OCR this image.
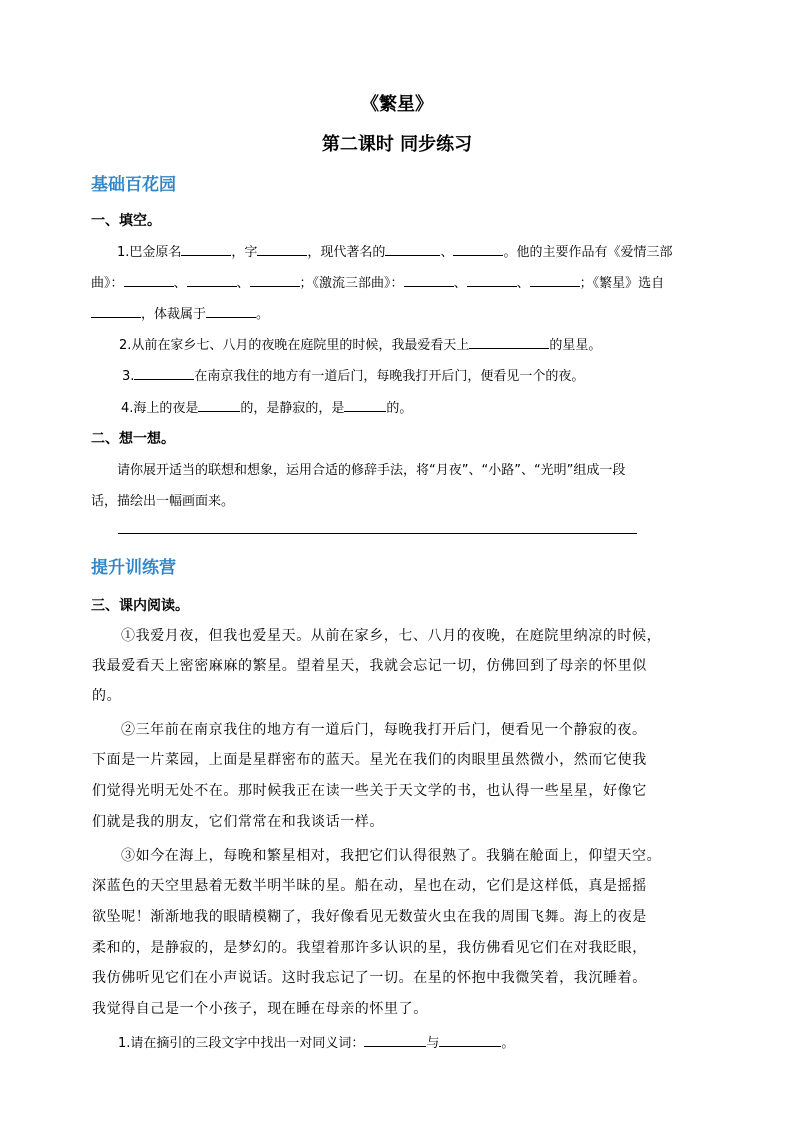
《繁星》
第二课时 同步练习
基础百花园
一、填空。
1.巴金原名	，字	，现代著名的	、	。他的主要作品有《爱情三部
曲》：	、	、	；《激流三部曲》：	、	、	；《繁星》选自
，体裁属于	。
2.从前在家乡七、八月的夜晚在庭院里的时候，我最爱看天上	的星星。
3.	在南京我住的地方有一道后门，每晚我打开后门，便看见一个的夜。
4.海上的夜是	的，是静寂的，是	的。
二、想一想。
请你展开适当的联想和想象，运用合适的修辞手法，将“月夜”、“小路”、“光明”组成一段
话，描绘出一幅画面来。
提升训练营
三、课内阅读。
①我爱月夜，但我也爱星天。从前在家乡，七、八月的夜晚，在庭院里纳凉的时候，
我最爱看天上密密麻麻的繁星。望着星天，我就会忘记一切，仿佛回到了母亲的怀里似
的。
②三年前在南京我住的地方有一道后门，每晚我打开后门，便看见一个静寂的夜。
下面是一片菜园，上面是星群密布的蓝天。星光在我们的肉眼里虽然微小，然而它使我
们觉得光明无处不在。那时候我正在读一些关于天文学的书，也认得一些星星，好像它
们就是我的朋友，它们常常在和我谈话一样。
③如今在海上，每晚和繁星相对，我把它们认得很熟了。我躺在舱面上，仰望天空。
深蓝色的天空里悬着无数半明半昧的星。船在动，星也在动，它们是这样低，真是摇摇
欲坠呢！渐渐地我的眼睛模糊了，我好像看见无数萤火虫在我的周围飞舞。海上的夜是
柔和的，是静寂的，是梦幻的。我望着那许多认识的星，我仿佛看见它们在对我眨眼，
我仿佛听见它们在小声说话。这时我忘记了一切。在星的怀抱中我微笑着，我沉睡着。
我觉得自己是一个小孩子，现在睡在母亲的怀里了。
1.请在摘引的三段文字中找出一对同义词：	与	。
